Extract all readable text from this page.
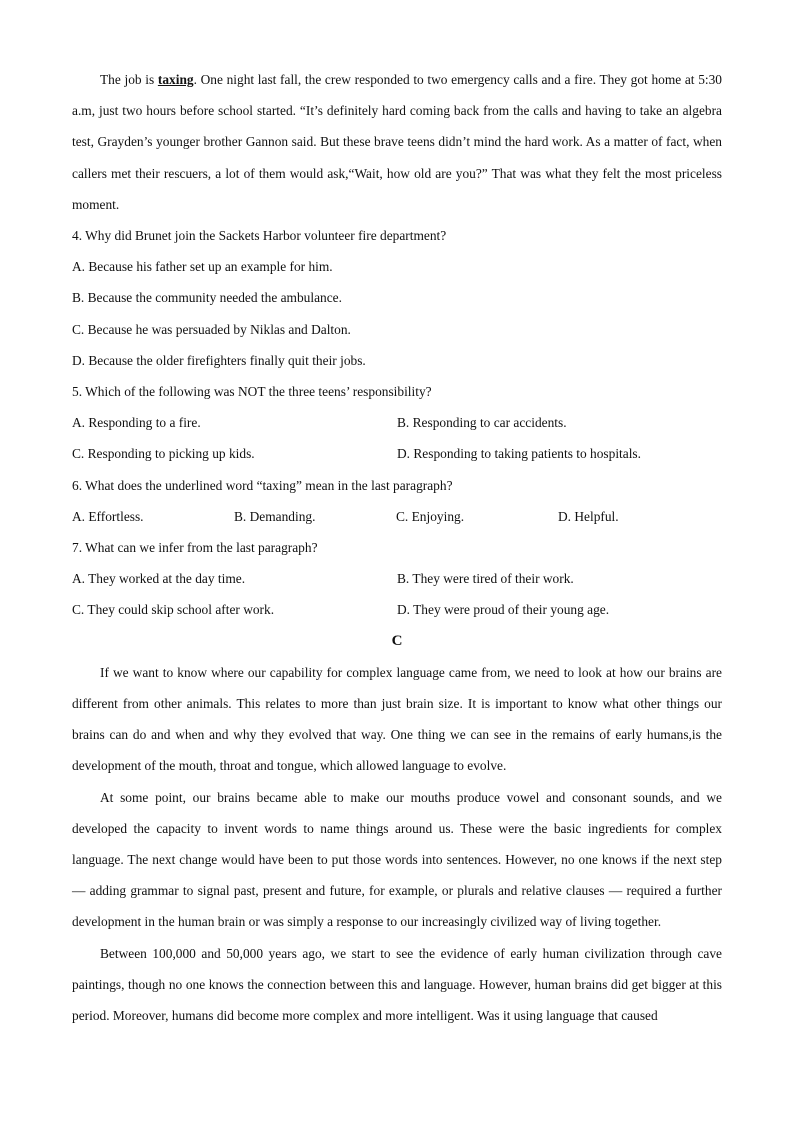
The job is taxing. One night last fall, the crew responded to two emergency calls and a fire. They got home at 5:30 a.m, just two hours before school started. “It’s definitely hard coming back from the calls and having to take an algebra test, Grayden’s younger brother Gannon said. But these brave teens didn’t mind the hard work. As a matter of fact, when callers met their rescuers, a lot of them would ask,“Wait, how old are you?” That was what they felt the most priceless moment.

4. Why did Brunet join the Sackets Harbor volunteer fire department?
A. Because his father set up an example for him.
B. Because the community needed the ambulance.
C. Because he was persuaded by Niklas and Dalton.
D. Because the older firefighters finally quit their jobs.
5. Which of the following was NOT the three teens’ responsibility?
A. Responding to a fire.	B. Responding to car accidents.
C. Responding to picking up kids.	D. Responding to taking patients to hospitals.
6. What does the underlined word “taxing” mean in the last paragraph?
A. Effortless.	B. Demanding.	C. Enjoying.	D. Helpful.
7. What can we infer from the last paragraph?
A. They worked at the day time.	B. They were tired of their work.
C. They could skip school after work.	D. They were proud of their young age.
C

If we want to know where our capability for complex language came from, we need to look at how our brains are different from other animals. This relates to more than just brain size. It is important to know what other things our brains can do and when and why they evolved that way. One thing we can see in the remains of early humans,is the development of the mouth, throat and tongue, which allowed language to evolve.

At some point, our brains became able to make our mouths produce vowel and consonant sounds, and we developed the capacity to invent words to name things around us. These were the basic ingredients for complex language. The next change would have been to put those words into sentences. However, no one knows if the next step — adding grammar to signal past, present and future, for example, or plurals and relative clauses — required a further development in the human brain or was simply a response to our increasingly civilized way of living together.

Between 100,000 and 50,000 years ago, we start to see the evidence of early human civilization through cave paintings, though no one knows the connection between this and language. However, human brains did get bigger at this period. Moreover, humans did become more complex and more intelligent. Was it using language that caused
